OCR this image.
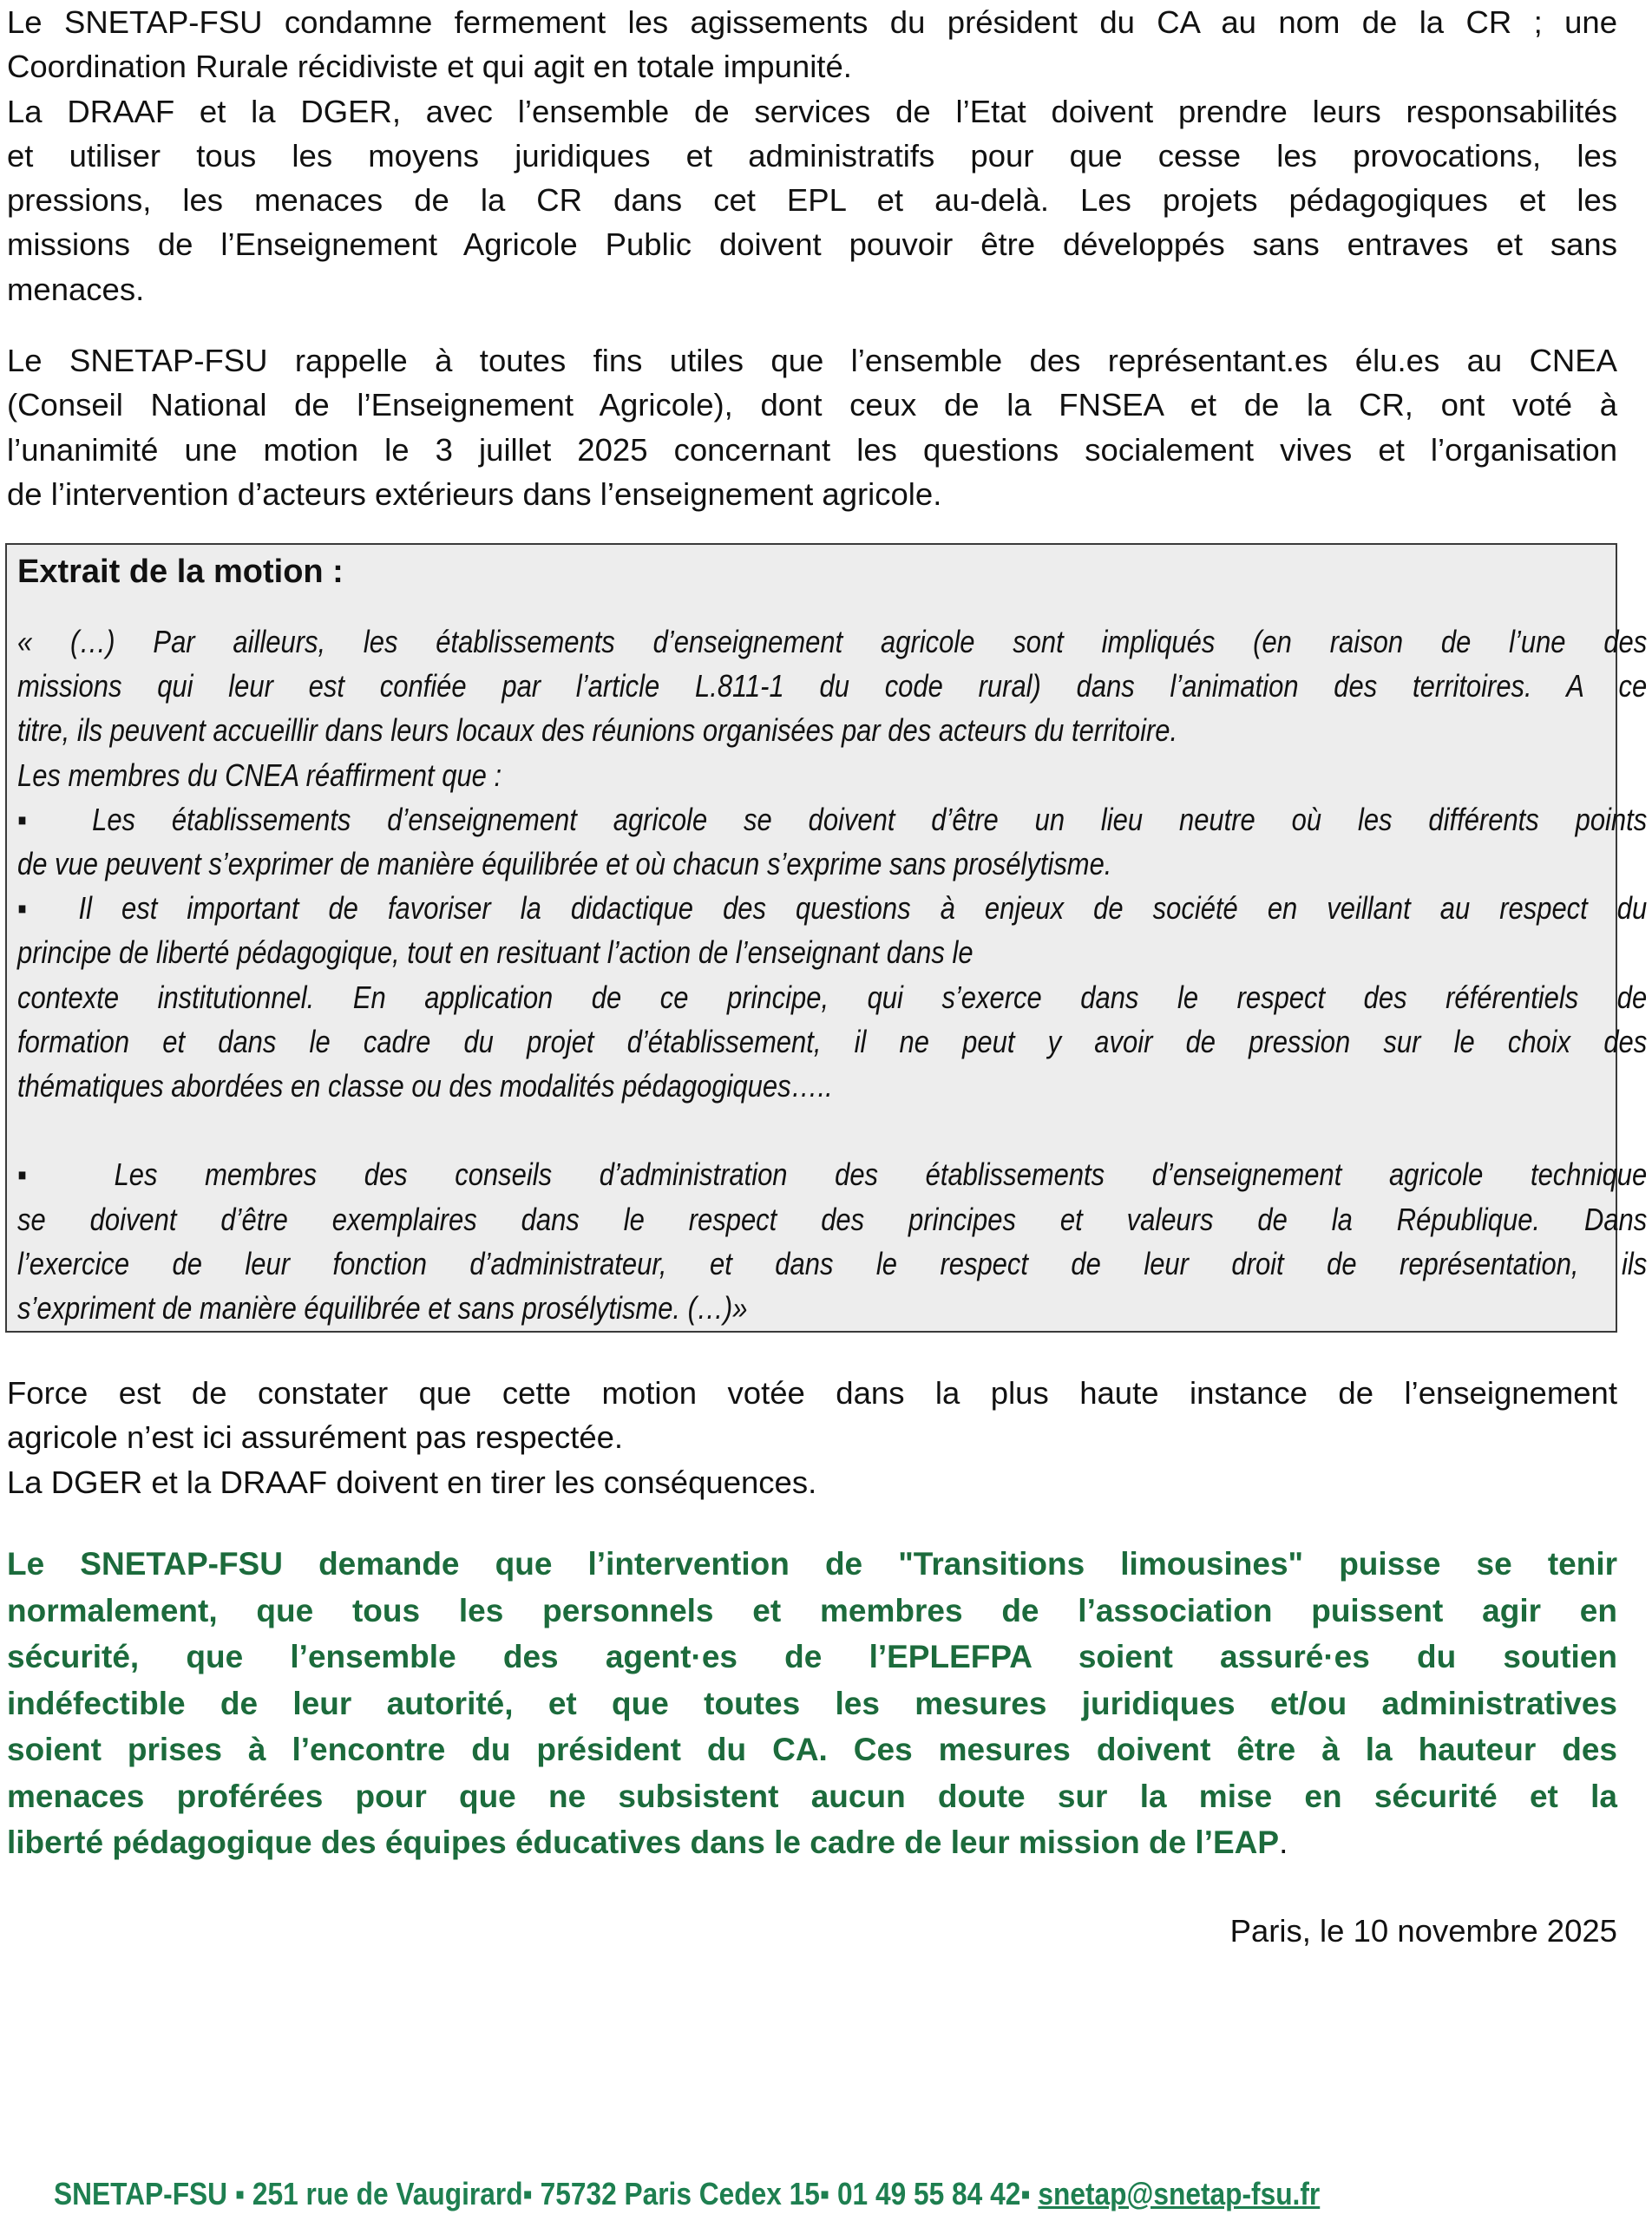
Le SNETAP-FSU condamne fermement les agissements du président du CA au nom de la CR ; une
Coordination Rurale récidiviste et qui agit en totale impunité.
La DRAAF et la DGER, avec l’ensemble de services de l’Etat doivent prendre leurs responsabilités
et utiliser tous les moyens juridiques et administratifs pour que cesse les provocations, les
pressions, les menaces de la CR dans cet EPL et au-delà. Les projets pédagogiques et les
missions de l’Enseignement Agricole Public doivent pouvoir être développés sans entraves et sans
menaces.
Le SNETAP-FSU rappelle à toutes fins utiles que l’ensemble des représentant.es élu.es au CNEA
(Conseil National de l’Enseignement Agricole), dont ceux de la FNSEA et de la CR, ont voté à
l’unanimité une motion le 3 juillet 2025 concernant les questions socialement vives et l’organisation
de l’intervention d’acteurs extérieurs dans l’enseignement agricole.
Extrait de la motion :
« (…) Par ailleurs, les établissements d’enseignement agricole sont impliqués (en raison de l’une des
missions qui leur est confiée par l’article L.811-1 du code rural) dans l’animation des territoires. A ce
titre, ils peuvent accueillir dans leurs locaux des réunions organisées par des acteurs du territoire.
Les membres du CNEA réaffirment que :
▪ Les établissements d’enseignement agricole se doivent d’être un lieu neutre où les différents points
de vue peuvent s’exprimer de manière équilibrée et où chacun s’exprime sans prosélytisme.
▪ Il est important de favoriser la didactique des questions à enjeux de société en veillant au respect du
principe de liberté pédagogique, tout en resituant l’action de l’enseignant dans le
contexte institutionnel. En application de ce principe, qui s’exerce dans le respect des référentiels de
formation et dans le cadre du projet d’établissement, il ne peut y avoir de pression sur le choix des
thématiques abordées en classe ou des modalités pédagogiques…..
▪ Les membres des conseils d’administration des établissements d’enseignement agricole technique
se doivent d’être exemplaires dans le respect des principes et valeurs de la République. Dans
l’exercice de leur fonction d’administrateur, et dans le respect de leur droit de représentation, ils
s’expriment de manière équilibrée et sans prosélytisme. (…)»
Force est de constater que cette motion votée dans la plus haute instance de l’enseignement
agricole n’est ici assurément pas respectée.
La DGER et la DRAAF doivent en tirer les conséquences.
Le SNETAP-FSU demande que l’intervention de "Transitions limousines" puisse se tenir
normalement, que tous les personnels et membres de l’association puissent agir en
sécurité, que l’ensemble des agent·es de l’EPLEFPA soient assuré·es du soutien
indéfectible de leur autorité, et que toutes les mesures juridiques et/ou administratives
soient prises à l’encontre du président du CA. Ces mesures doivent être à la hauteur des
menaces proférées pour que ne subsistent aucun doute sur la mise en sécurité et la
liberté pédagogique des équipes éducatives dans le cadre de leur mission de l’EAP.
Paris, le 10 novembre 2025
SNETAP-FSU ▪ 251 rue de Vaugirard▪ 75732 Paris Cedex 15▪ 01 49 55 84 42▪ snetap@snetap-fsu.fr
